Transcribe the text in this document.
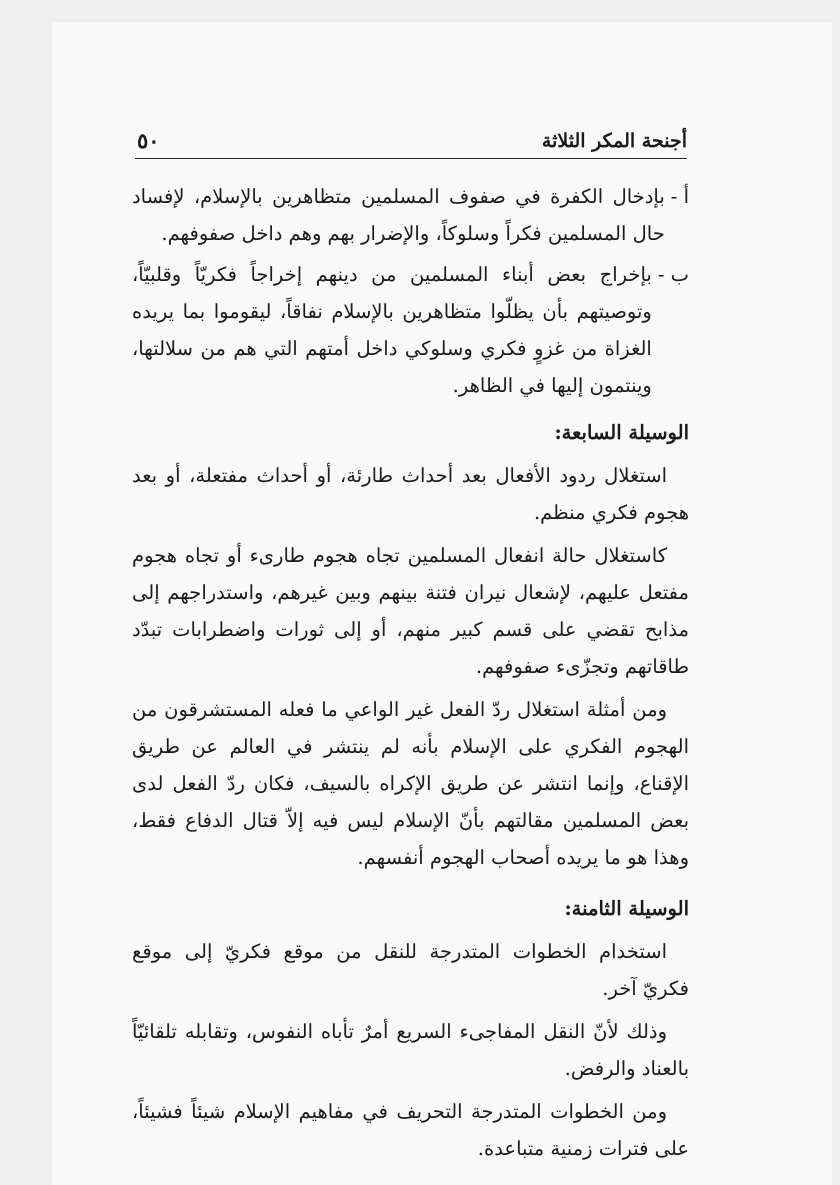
أجنحة المكر الثلاثة
٥٠
أ -
بإدخال الكفرة في صفوف المسلمين متظاهرين بالإسلام، لإفساد حال المسلمين فكراً وسلوكاً، والإضرار بهم وهم داخل صفوفهم.
ب -
بإخراج بعض أبناء المسلمين من دينهم إخراجاً فكريّاً وقلبيّاً، وتوصيتهم بأن يظلّوا متظاهرين بالإسلام نفاقاً، ليقوموا بما يريده الغزاة من غزوٍ فكري وسلوكي داخل أمتهم التي هم من سلالتها، وينتمون إليها في الظاهر.

الوسيلة السابعة:

استغلال ردود الأفعال بعد أحداث طارئة، أو أحداث مفتعلة، أو بعد هجوم فكري منظم.

كاستغلال حالة انفعال المسلمين تجاه هجوم طارىء أو تجاه هجوم مفتعل عليهم، لإشعال نيران فتنة بينهم وبين غيرهم، واستدراجهم إلى مذابح تقضي على قسم كبير منهم، أو إلى ثورات واضطرابات تبدّد طاقاتهم وتجزّىء صفوفهم.

ومن أمثلة استغلال ردّ الفعل غير الواعي ما فعله المستشرقون من الهجوم الفكري على الإسلام بأنه لم ينتشر في العالم عن طريق الإقناع، وإنما انتشر عن طريق الإكراه بالسيف، فكان ردّ الفعل لدى بعض المسلمين مقالتهم بأنّ الإسلام ليس فيه إلاّ قتال الدفاع فقط، وهذا هو ما يريده أصحاب الهجوم أنفسهم.

الوسيلة الثامنة:

استخدام الخطوات المتدرجة للنقل من موقع فكريّ إلى موقع فكريّ آخر.

وذلك لأنّ النقل المفاجىء السريع أمرٌ تأباه النفوس، وتقابله تلقائيّاً بالعناد والرفض.

ومن الخطوات المتدرجة التحريف في مفاهيم الإسلام شيئاً فشيئاً، على فترات زمنية متباعدة.
